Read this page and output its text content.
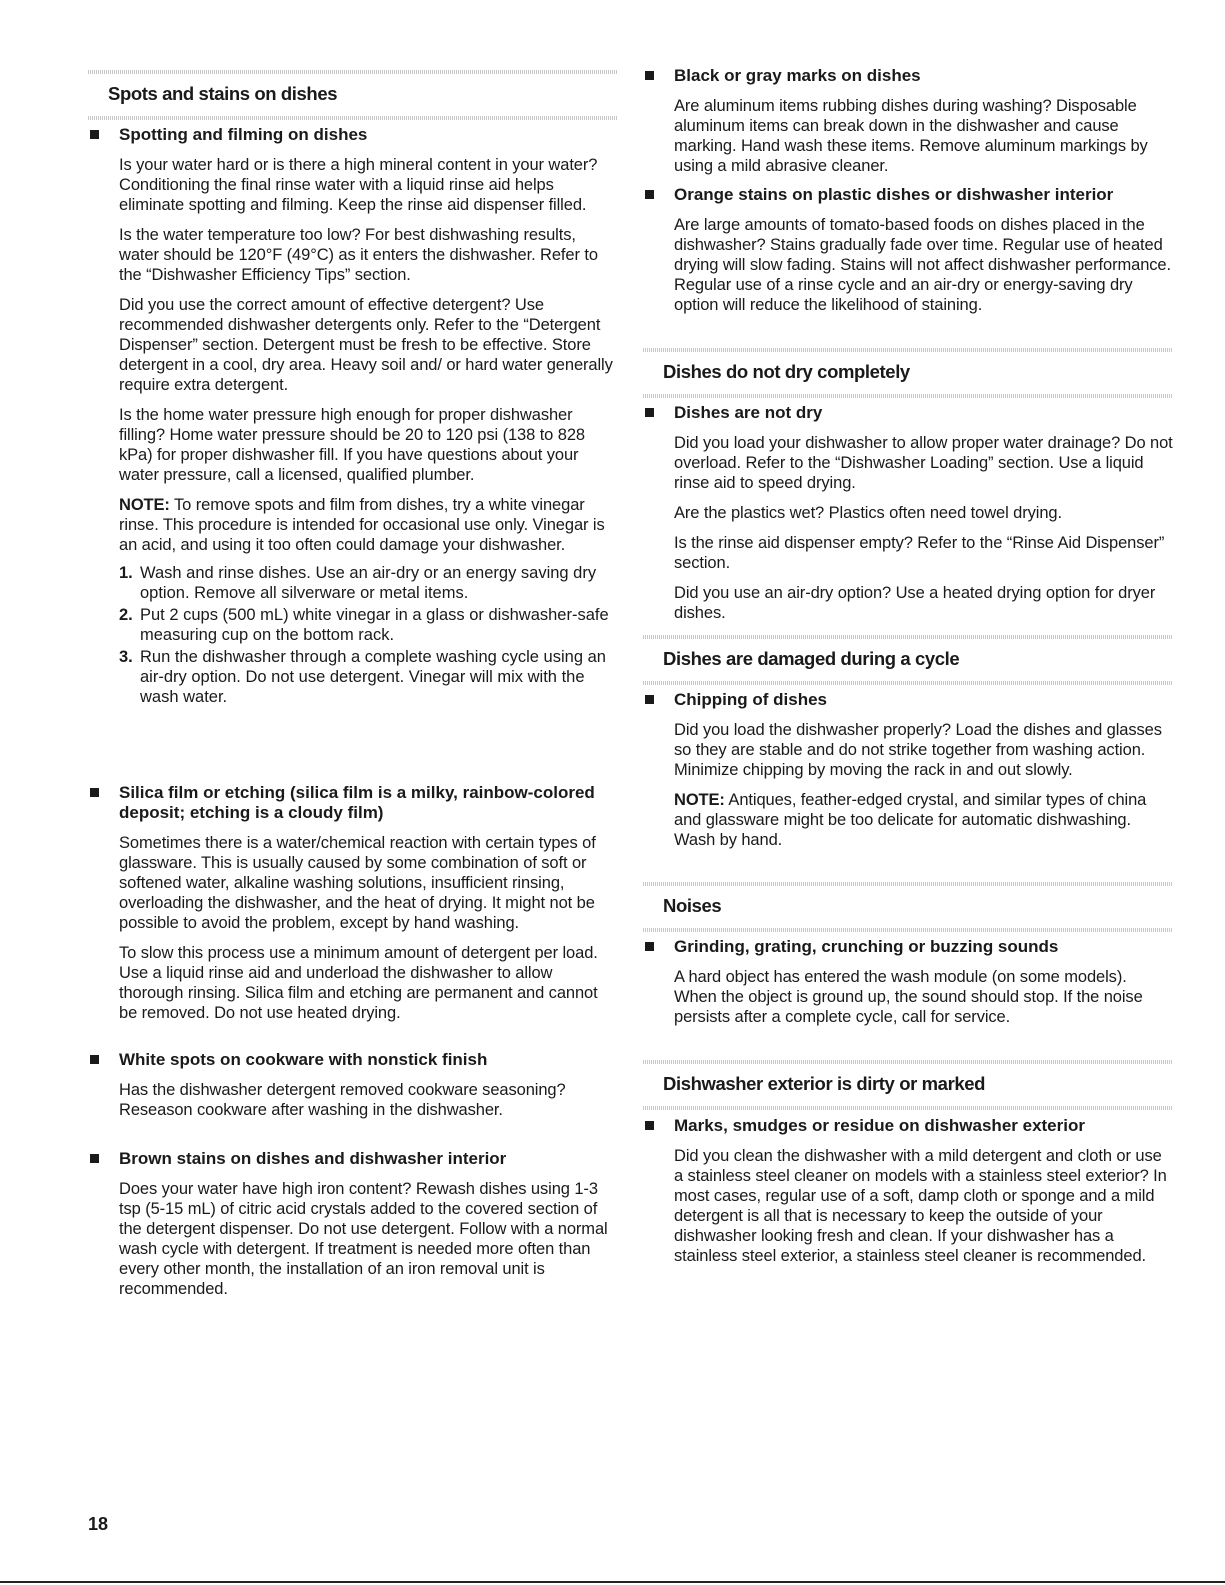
Spots and stains on dishes
Spotting and filming on dishes
Is your water hard or is there a high mineral content in your water? Conditioning the final rinse water with a liquid rinse aid helps eliminate spotting and filming. Keep the rinse aid dispenser filled.
Is the water temperature too low? For best dishwashing results, water should be 120°F (49°C) as it enters the dishwasher. Refer to the “Dishwasher Efficiency Tips” section.
Did you use the correct amount of effective detergent? Use recommended dishwasher detergents only. Refer to the “Detergent Dispenser” section. Detergent must be fresh to be effective. Store detergent in a cool, dry area. Heavy soil and/ or hard water generally require extra detergent.
Is the home water pressure high enough for proper dishwasher filling? Home water pressure should be 20 to 120 psi (138 to 828 kPa) for proper dishwasher fill. If you have questions about your water pressure, call a licensed, qualified plumber.
NOTE: To remove spots and film from dishes, try a white vinegar rinse. This procedure is intended for occasional use only. Vinegar is an acid, and using it too often could damage your dishwasher.
1. Wash and rinse dishes. Use an air-dry or an energy saving dry option. Remove all silverware or metal items.
2. Put 2 cups (500 mL) white vinegar in a glass or dishwasher-safe measuring cup on the bottom rack.
3. Run the dishwasher through a complete washing cycle using an air-dry option. Do not use detergent. Vinegar will mix with the wash water.
Silica film or etching (silica film is a milky, rainbow-colored deposit; etching is a cloudy film)
Sometimes there is a water/chemical reaction with certain types of glassware. This is usually caused by some combination of soft or softened water, alkaline washing solutions, insufficient rinsing, overloading the dishwasher, and the heat of drying. It might not be possible to avoid the problem, except by hand washing.
To slow this process use a minimum amount of detergent per load. Use a liquid rinse aid and underload the dishwasher to allow thorough rinsing. Silica film and etching are permanent and cannot be removed. Do not use heated drying.
White spots on cookware with nonstick finish
Has the dishwasher detergent removed cookware seasoning? Reseason cookware after washing in the dishwasher.
Brown stains on dishes and dishwasher interior
Does your water have high iron content? Rewash dishes using 1-3 tsp (5-15 mL) of citric acid crystals added to the covered section of the detergent dispenser. Do not use detergent. Follow with a normal wash cycle with detergent. If treatment is needed more often than every other month, the installation of an iron removal unit is recommended.
Black or gray marks on dishes
Are aluminum items rubbing dishes during washing? Disposable aluminum items can break down in the dishwasher and cause marking. Hand wash these items. Remove aluminum markings by using a mild abrasive cleaner.
Orange stains on plastic dishes or dishwasher interior
Are large amounts of tomato-based foods on dishes placed in the dishwasher? Stains gradually fade over time. Regular use of heated drying will slow fading. Stains will not affect dishwasher performance. Regular use of a rinse cycle and an air-dry or energy-saving dry option will reduce the likelihood of staining.
Dishes do not dry completely
Dishes are not dry
Did you load your dishwasher to allow proper water drainage? Do not overload. Refer to the “Dishwasher Loading” section. Use a liquid rinse aid to speed drying.
Are the plastics wet? Plastics often need towel drying.
Is the rinse aid dispenser empty? Refer to the “Rinse Aid Dispenser” section.
Did you use an air-dry option? Use a heated drying option for dryer dishes.
Dishes are damaged during a cycle
Chipping of dishes
Did you load the dishwasher properly? Load the dishes and glasses so they are stable and do not strike together from washing action. Minimize chipping by moving the rack in and out slowly.
NOTE: Antiques, feather-edged crystal, and similar types of china and glassware might be too delicate for automatic dishwashing. Wash by hand.
Noises
Grinding, grating, crunching or buzzing sounds
A hard object has entered the wash module (on some models). When the object is ground up, the sound should stop. If the noise persists after a complete cycle, call for service.
Dishwasher exterior is dirty or marked
Marks, smudges or residue on dishwasher exterior
Did you clean the dishwasher with a mild detergent and cloth or use a stainless steel cleaner on models with a stainless steel exterior? In most cases, regular use of a soft, damp cloth or sponge and a mild detergent is all that is necessary to keep the outside of your dishwasher looking fresh and clean. If your dishwasher has a stainless steel exterior, a stainless steel cleaner is recommended.
18
